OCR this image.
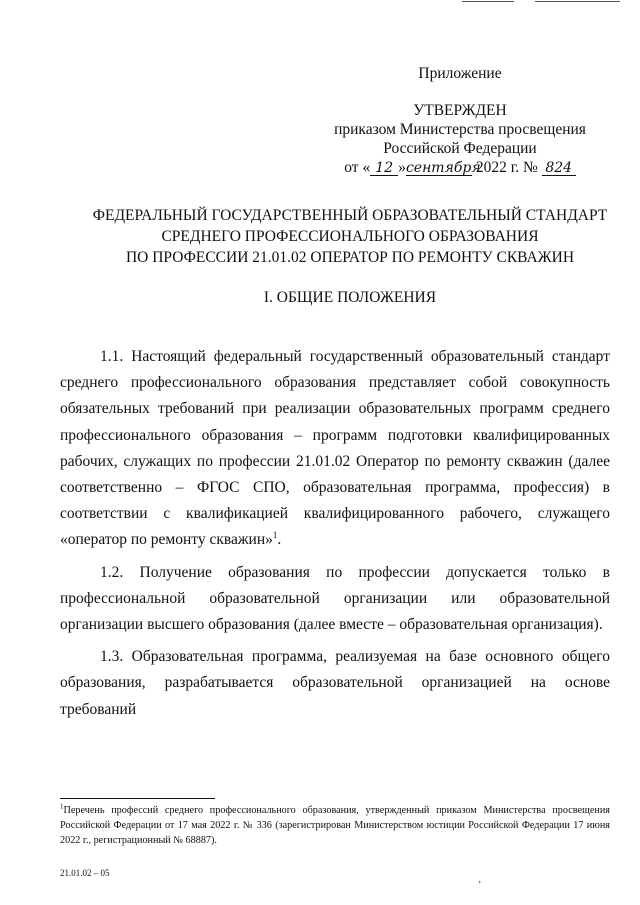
Приложение
УТВЕРЖДЕН
приказом Министерства просвещения
Российской Федерации
от « 12 »сентября 2022 г. № 824
ФЕДЕРАЛЬНЫЙ ГОСУДАРСТВЕННЫЙ ОБРАЗОВАТЕЛЬНЫЙ СТАНДАРТ
СРЕДНЕГО ПРОФЕССИОНАЛЬНОГО ОБРАЗОВАНИЯ
ПО ПРОФЕССИИ 21.01.02 ОПЕРАТОР ПО РЕМОНТУ СКВАЖИН
I. ОБЩИЕ ПОЛОЖЕНИЯ

1.1. Настоящий федеральный государственный образовательный стандарт среднего профессионального образования представляет собой совокупность обязательных требований при реализации образовательных программ среднего профессионального образования – программ подготовки квалифицированных рабочих, служащих по профессии 21.01.02 Оператор по ремонту скважин (далее соответственно – ФГОС СПО, образовательная программа, профессия) в соответствии с квалификацией квалифицированного рабочего, служащего «оператор по ремонту скважин»$^1$.

1.2. Получение образования по профессии допускается только в профессиональной образовательной организации или образовательной организации высшего образования (далее вместе – образовательная организация).

1.3. Образовательная программа, реализуемая на базе основного общего образования, разрабатывается образовательной организацией на основе требований

$^1$Перечень профессий среднего профессионального образования, утвержденный приказом Министерства просвещения Российской Федерации от 17 мая 2022 г. № 336 (зарегистрирован Министерством юстиции Российской Федерации 17 июня 2022 г., регистрационный № 68887).
21.01.02 – 05
’
